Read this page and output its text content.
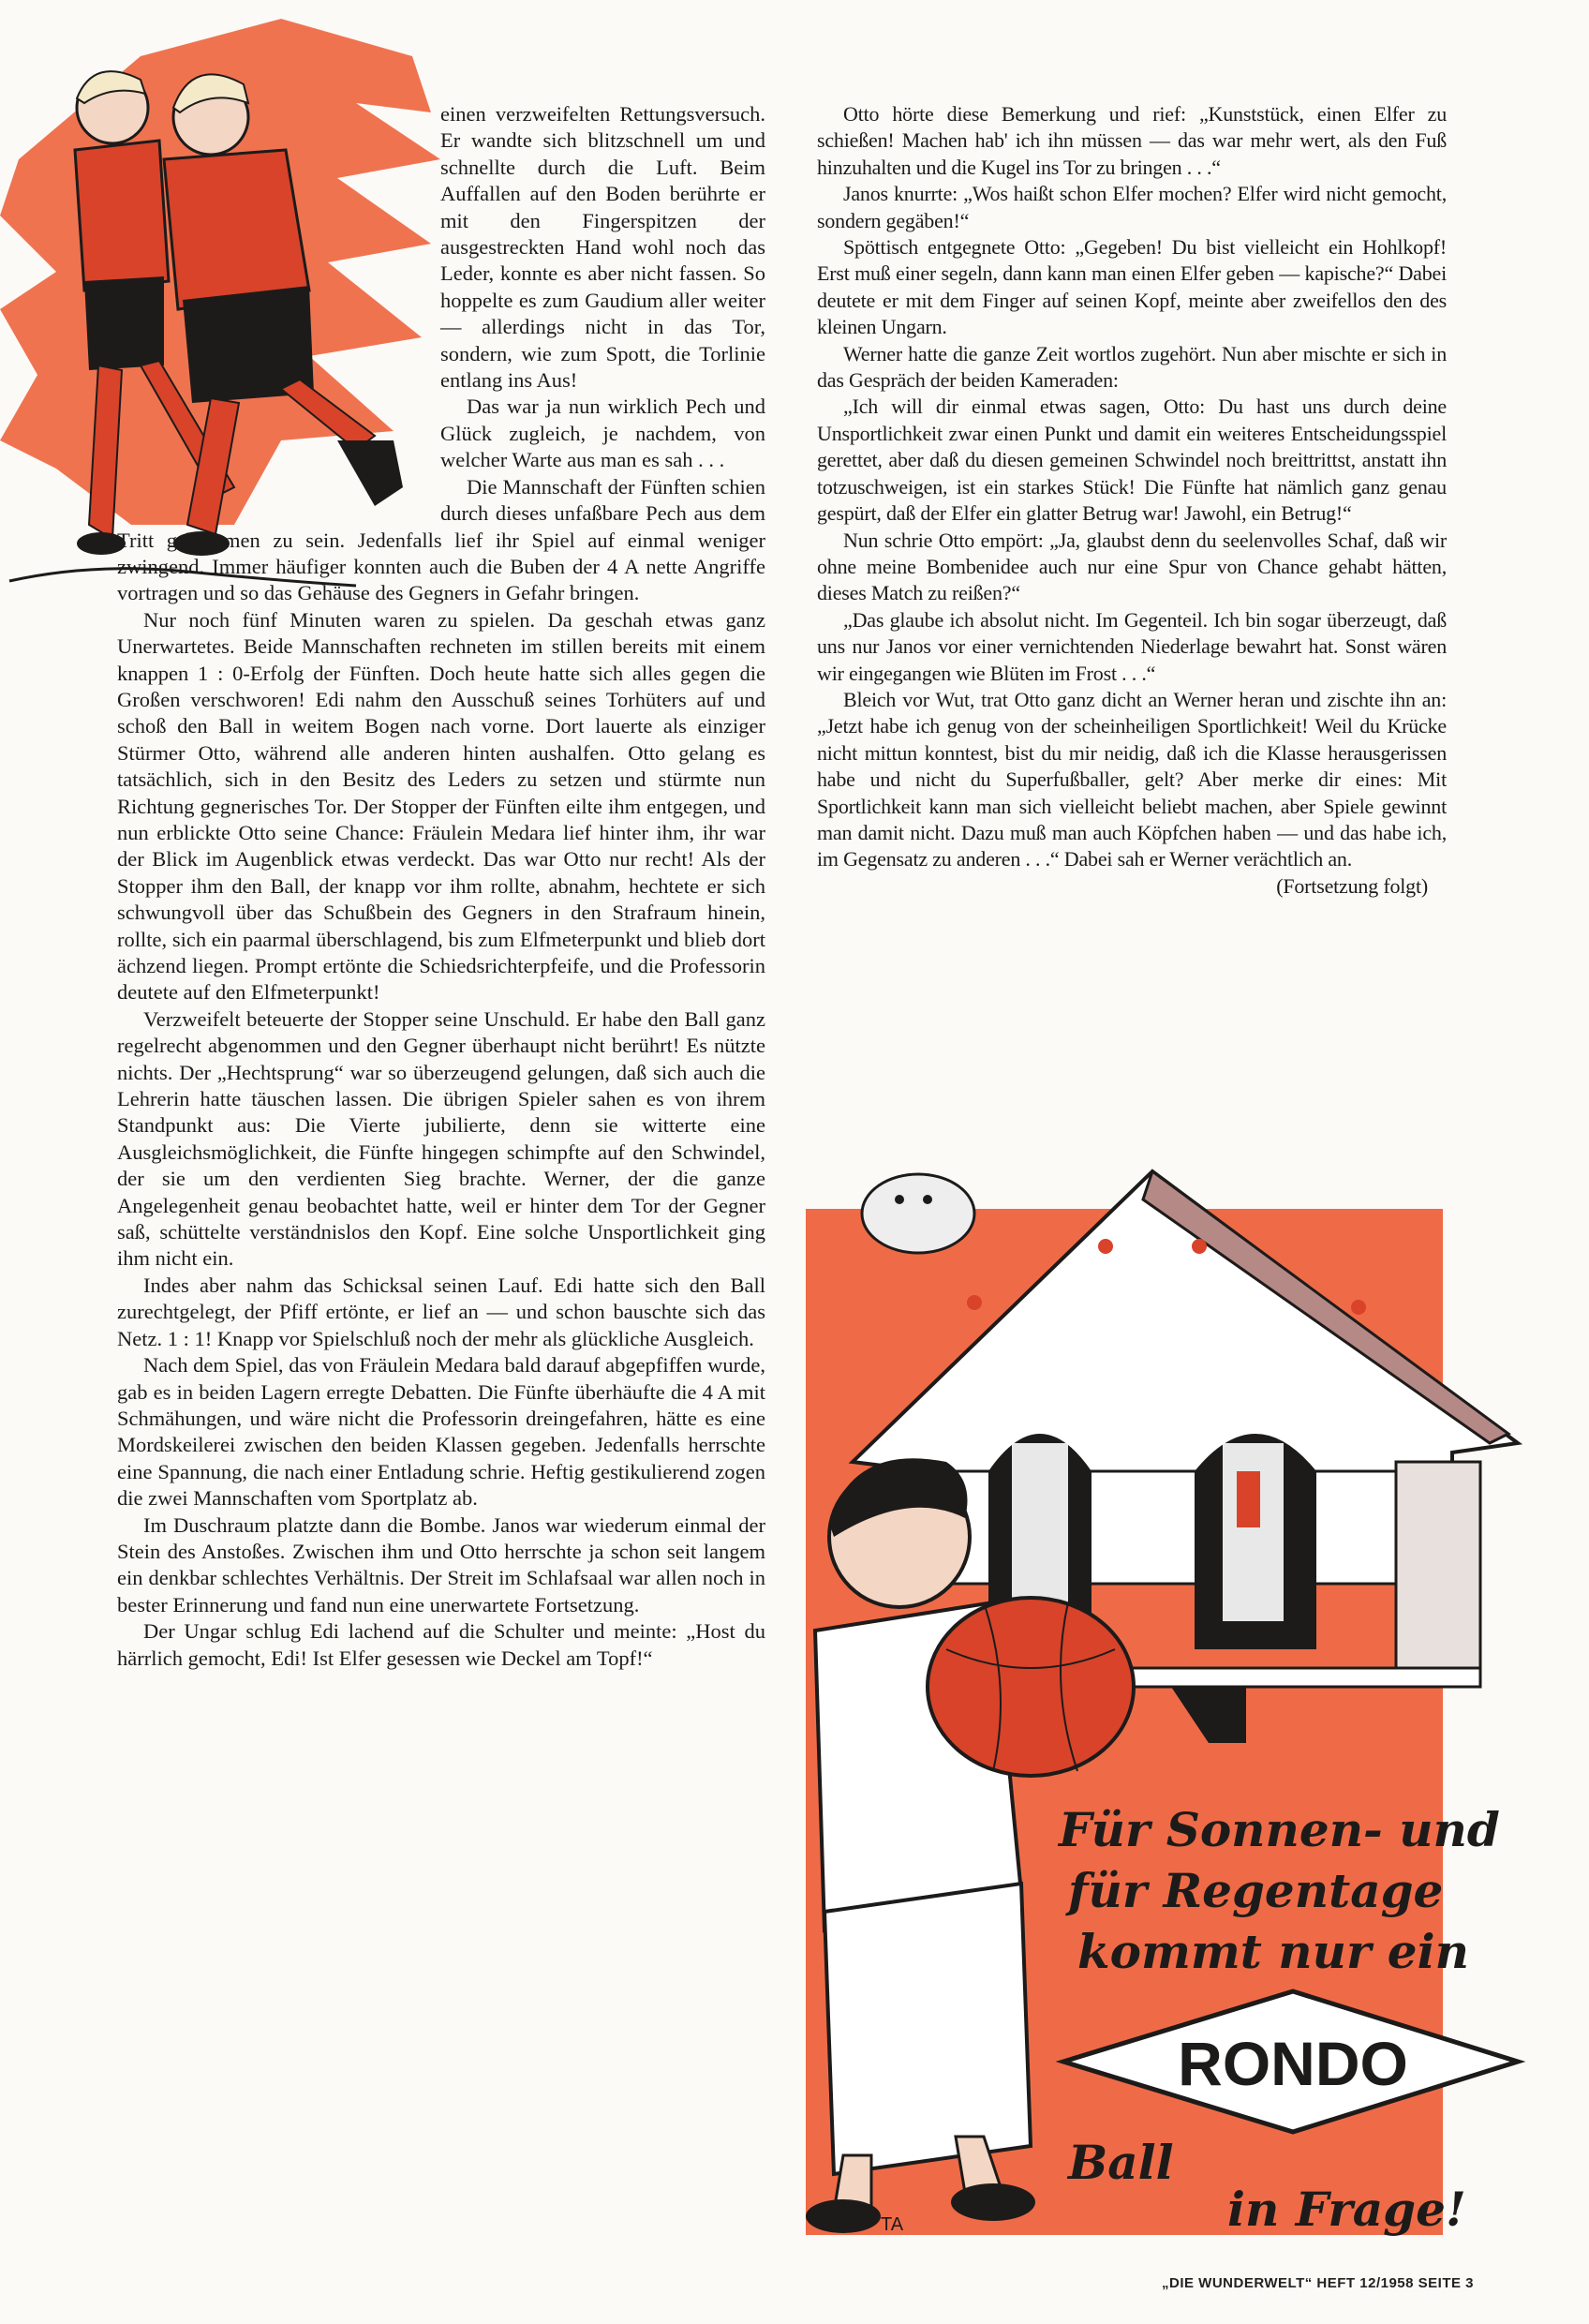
einen verzweifelten Rettungsversuch. Er wandte sich blitzschnell um und schnellte durch die Luft. Beim Auffallen auf den Boden berührte er mit den Fingerspitzen der ausgestreckten Hand wohl noch das Leder, konnte es aber nicht fassen. So hoppelte es zum Gaudium aller weiter — allerdings nicht in das Tor, sondern, wie zum Spott, die Torlinie entlang ins Aus!

Das war ja nun wirklich Pech und Glück zugleich, je nachdem, von welcher Warte aus man es sah . . .

Die Mannschaft der Fünften schien durch dieses unfaßbare Pech aus dem Tritt gekommen zu sein. Jedenfalls lief ihr Spiel auf einmal weniger zwingend. Immer häufiger konnten auch die Buben der 4 A nette Angriffe vortragen und so das Gehäuse des Gegners in Gefahr bringen.

Nur noch fünf Minuten waren zu spielen. Da geschah etwas ganz Unerwartetes. Beide Mannschaften rechneten im stillen bereits mit einem knappen 1 : 0-Erfolg der Fünften. Doch heute hatte sich alles gegen die Großen verschworen! Edi nahm den Ausschuß seines Torhüters auf und schoß den Ball in weitem Bogen nach vorne. Dort lauerte als einziger Stürmer Otto, während alle anderen hinten aushalfen. Otto gelang es tatsächlich, sich in den Besitz des Leders zu setzen und stürmte nun Richtung gegnerisches Tor. Der Stopper der Fünften eilte ihm entgegen, und nun erblickte Otto seine Chance: Fräulein Medara lief hinter ihm, ihr war der Blick im Augenblick etwas verdeckt. Das war Otto nur recht! Als der Stopper ihm den Ball, der knapp vor ihm rollte, abnahm, hechtete er sich schwungvoll über das Schußbein des Gegners in den Strafraum hinein, rollte, sich ein paarmal überschlagend, bis zum Elfmeterpunkt und blieb dort ächzend liegen. Prompt ertönte die Schiedsrichterpfeife, und die Professorin deutete auf den Elfmeterpunkt!

Verzweifelt beteuerte der Stopper seine Unschuld. Er habe den Ball ganz regelrecht abgenommen und den Gegner überhaupt nicht berührt! Es nützte nichts. Der „Hechtsprung“ war so überzeugend gelungen, daß sich auch die Lehrerin hatte täuschen lassen. Die übrigen Spieler sahen es von ihrem Standpunkt aus: Die Vierte jubilierte, denn sie witterte eine Ausgleichsmöglichkeit, die Fünfte hingegen schimpfte auf den Schwindel, der sie um den verdienten Sieg brachte. Werner, der die ganze Angelegenheit genau beobachtet hatte, weil er hinter dem Tor der Gegner saß, schüttelte verständnislos den Kopf. Eine solche Unsportlichkeit ging ihm nicht ein.

Indes aber nahm das Schicksal seinen Lauf. Edi hatte sich den Ball zurechtgelegt, der Pfiff ertönte, er lief an — und schon bauschte sich das Netz. 1 : 1! Knapp vor Spielschluß noch der mehr als glückliche Ausgleich.

Nach dem Spiel, das von Fräulein Medara bald darauf abgepfiffen wurde, gab es in beiden Lagern erregte Debatten. Die Fünfte überhäufte die 4 A mit Schmähungen, und wäre nicht die Professorin dreingefahren, hätte es eine Mordskeilerei zwischen den beiden Klassen gegeben. Jedenfalls herrschte eine Spannung, die nach einer Entladung schrie. Heftig gestikulierend zogen die zwei Mannschaften vom Sportplatz ab.

Im Duschraum platzte dann die Bombe. Janos war wiederum einmal der Stein des Anstoßes. Zwischen ihm und Otto herrschte ja schon seit langem ein denkbar schlechtes Verhältnis. Der Streit im Schlafsaal war allen noch in bester Erinnerung und fand nun eine unerwartete Fortsetzung.

Der Ungar schlug Edi lachend auf die Schulter und meinte: „Host du härrlich gemocht, Edi! Ist Elfer gesessen wie Deckel am Topf!“

Otto hörte diese Bemerkung und rief: „Kunststück, einen Elfer zu schießen! Machen hab' ich ihn müssen — das war mehr wert, als den Fuß hinzuhalten und die Kugel ins Tor zu bringen . . .“

Janos knurrte: „Wos haißt schon Elfer mochen? Elfer wird nicht gemocht, sondern gegäben!“

Spöttisch entgegnete Otto: „Gegeben! Du bist vielleicht ein Hohlkopf! Erst muß einer segeln, dann kann man einen Elfer geben — kapische?“ Dabei deutete er mit dem Finger auf seinen Kopf, meinte aber zweifellos den des kleinen Ungarn.

Werner hatte die ganze Zeit wortlos zugehört. Nun aber mischte er sich in das Gespräch der beiden Kameraden:

„Ich will dir einmal etwas sagen, Otto: Du hast uns durch deine Unsportlichkeit zwar einen Punkt und damit ein weiteres Entscheidungsspiel gerettet, aber daß du diesen gemeinen Schwindel noch breittrittst, anstatt ihn totzuschweigen, ist ein starkes Stück! Die Fünfte hat nämlich ganz genau gespürt, daß der Elfer ein glatter Betrug war! Jawohl, ein Betrug!“

Nun schrie Otto empört: „Ja, glaubst denn du seelenvolles Schaf, daß wir ohne meine Bombenidee auch nur eine Spur von Chance gehabt hätten, dieses Match zu reißen?“

„Das glaube ich absolut nicht. Im Gegenteil. Ich bin sogar überzeugt, daß uns nur Janos vor einer vernichtenden Niederlage bewahrt hat. Sonst wären wir eingegangen wie Blüten im Frost . . .“

Bleich vor Wut, trat Otto ganz dicht an Werner heran und zischte ihn an: „Jetzt habe ich genug von der scheinheiligen Sportlichkeit! Weil du Krücke nicht mittun konntest, bist du mir neidig, daß ich die Klasse herausgerissen habe und nicht du Superfußballer, gelt? Aber merke dir eines: Mit Sportlichkeit kann man sich vielleicht beliebt machen, aber Spiele gewinnt man damit nicht. Dazu muß man auch Köpfchen haben — und das habe ich, im Gegensatz zu anderen . . .“ Dabei sah er Werner verächtlich an.

(Fortsetzung folgt)

Für Sonnen- und
für Regentage
kommt nur ein
RONDO
Ball
in Frage!
TA
„DIE WUNDERWELT“ HEFT 12/1958 SEITE 3
